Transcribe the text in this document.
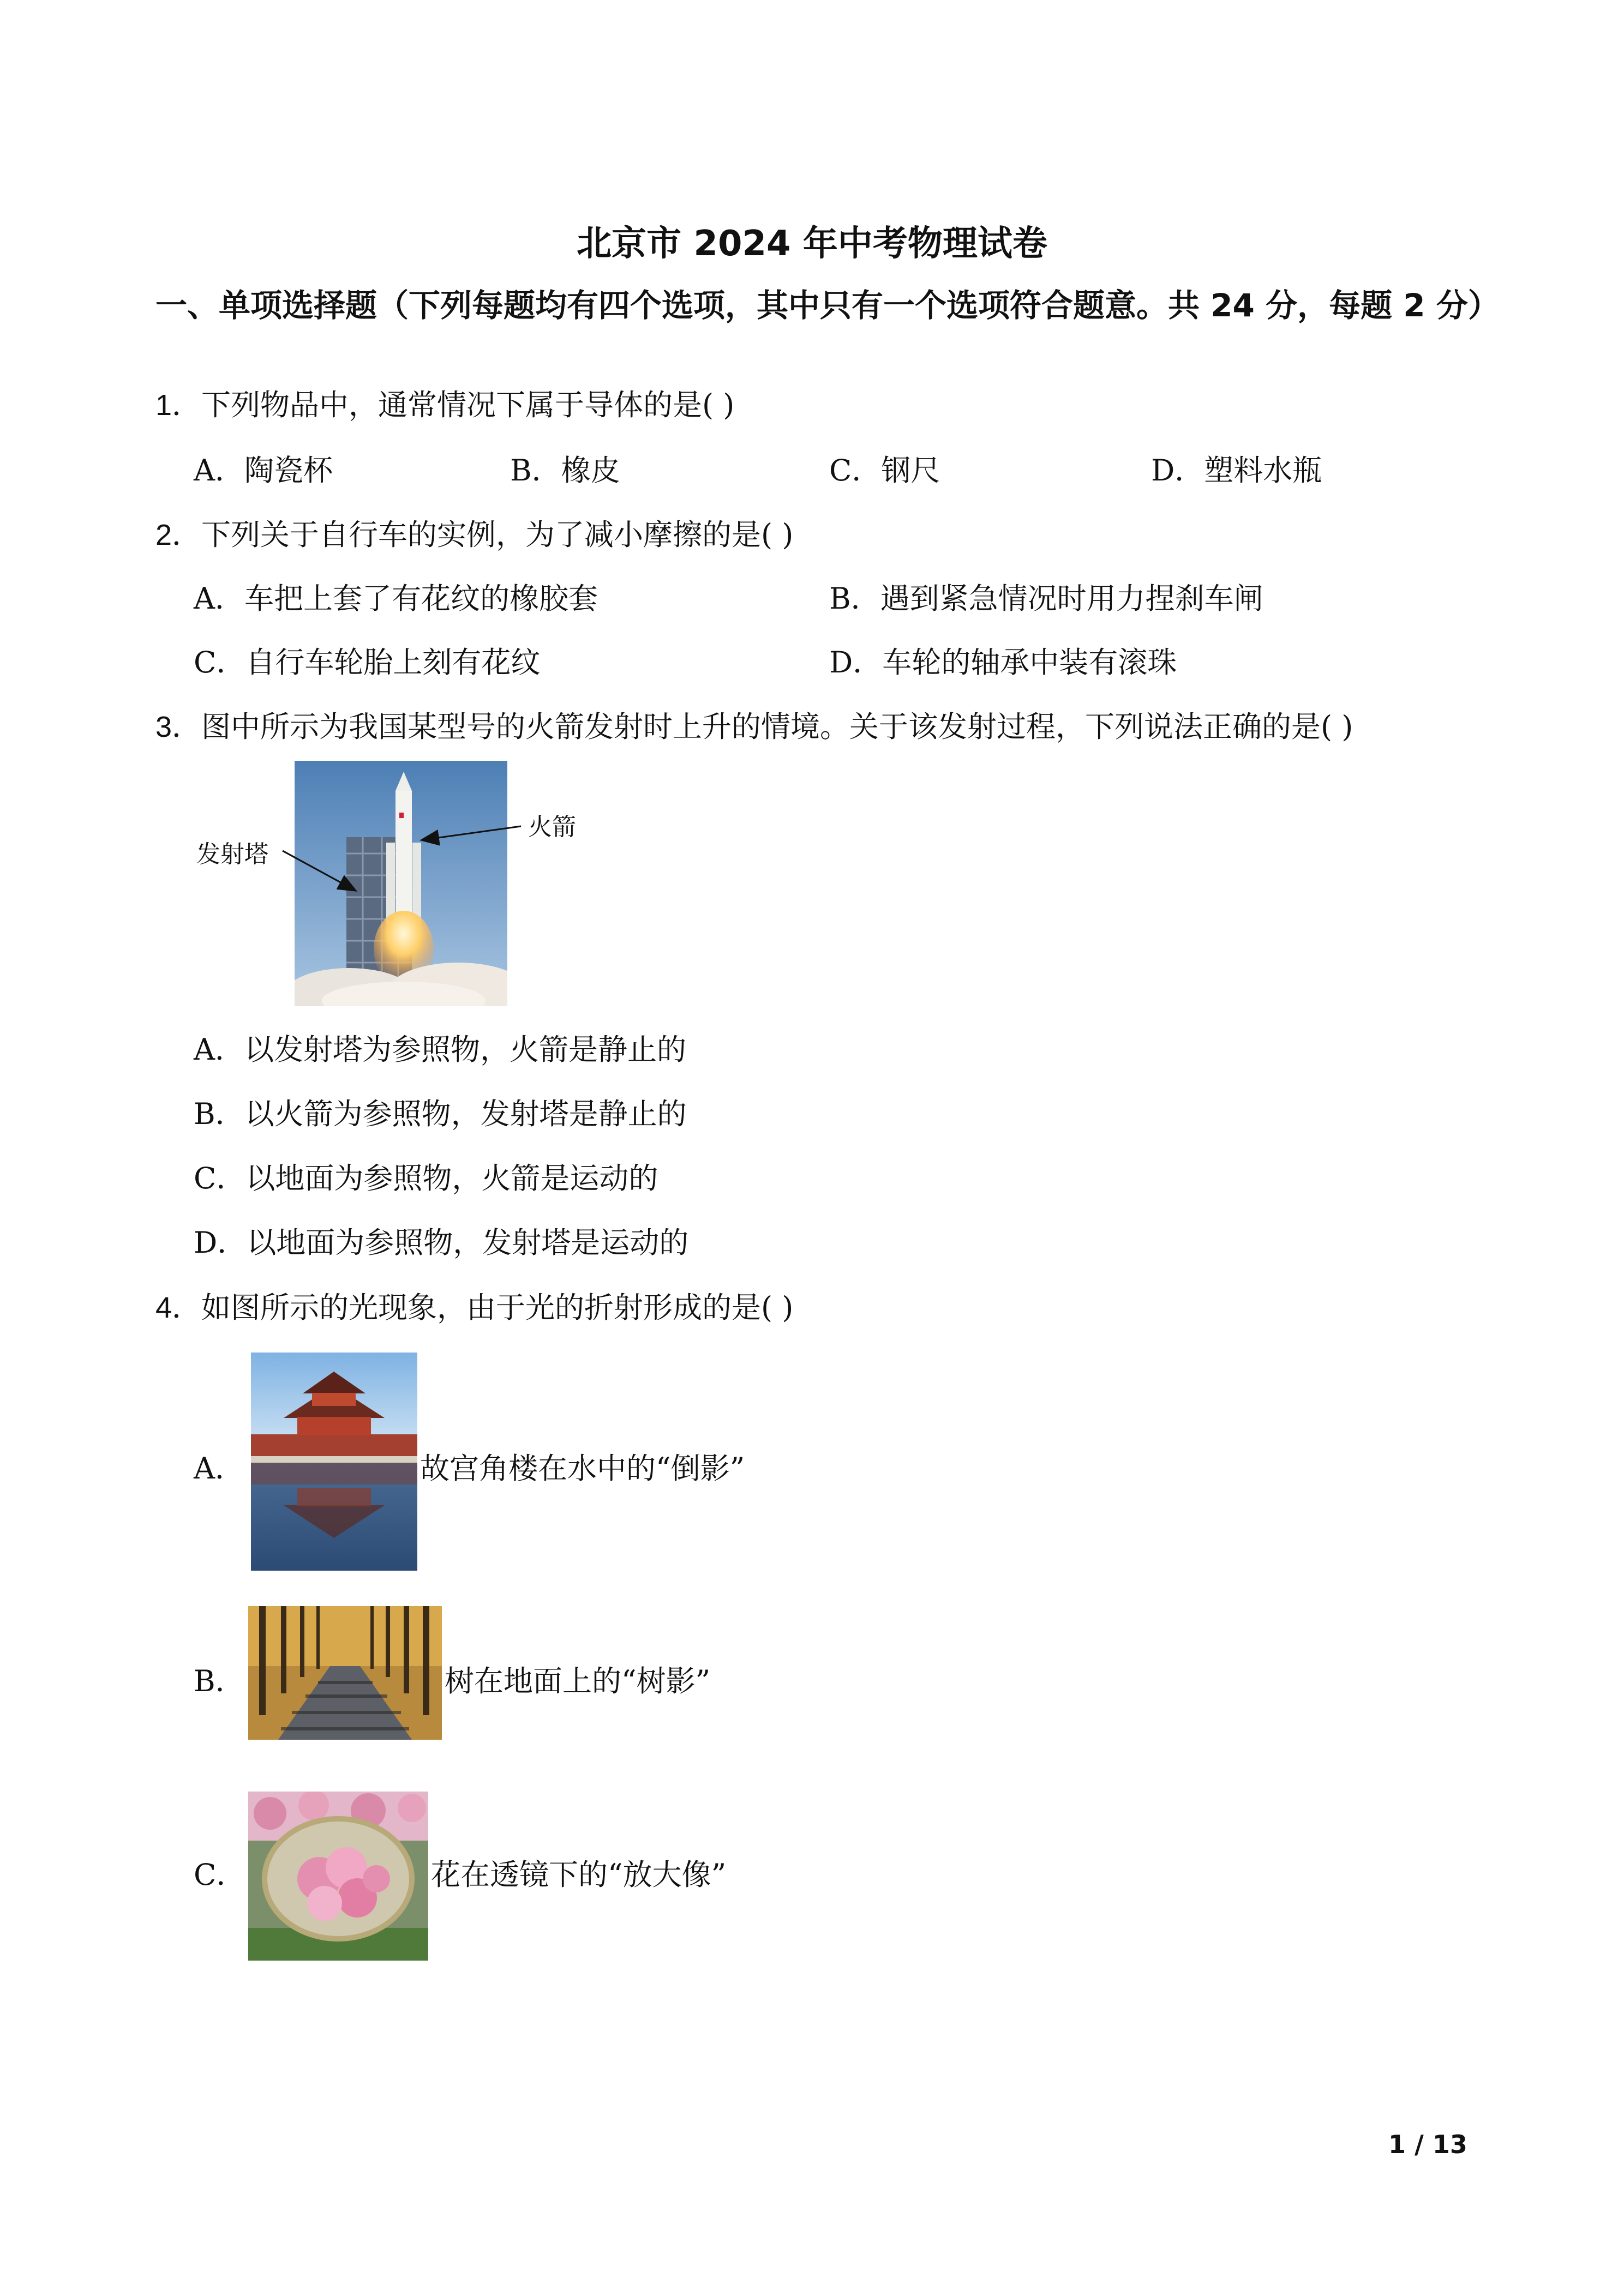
北京市 2024 年中考物理试卷
一、单项选择题（下列每题均有四个选项，其中只有一个选项符合题意。共 24 分，每题 2 分）
1．下列物品中，通常情况下属于导体的是( )
A．陶瓷杯	B．橡皮	C．钢尺	D．塑料水瓶
2．下列关于自行车的实例，为了减小摩擦的是( )
A．车把上套了有花纹的橡胶套	B．遇到紧急情况时用力捏刹车闸
C．自行车轮胎上刻有花纹	D．车轮的轴承中装有滚珠
3．图中所示为我国某型号的火箭发射时上升的情境。关于该发射过程，下列说法正确的是( )
发射塔
火箭
A．以发射塔为参照物，火箭是静止的
B．以火箭为参照物，发射塔是静止的
C．以地面为参照物，火箭是运动的
D．以地面为参照物，发射塔是运动的
4．如图所示的光现象，由于光的折射形成的是( )
A．	故宫角楼在水中的“倒影”
B．	树在地面上的“树影”
C．	花在透镜下的“放大像”
1 / 13
